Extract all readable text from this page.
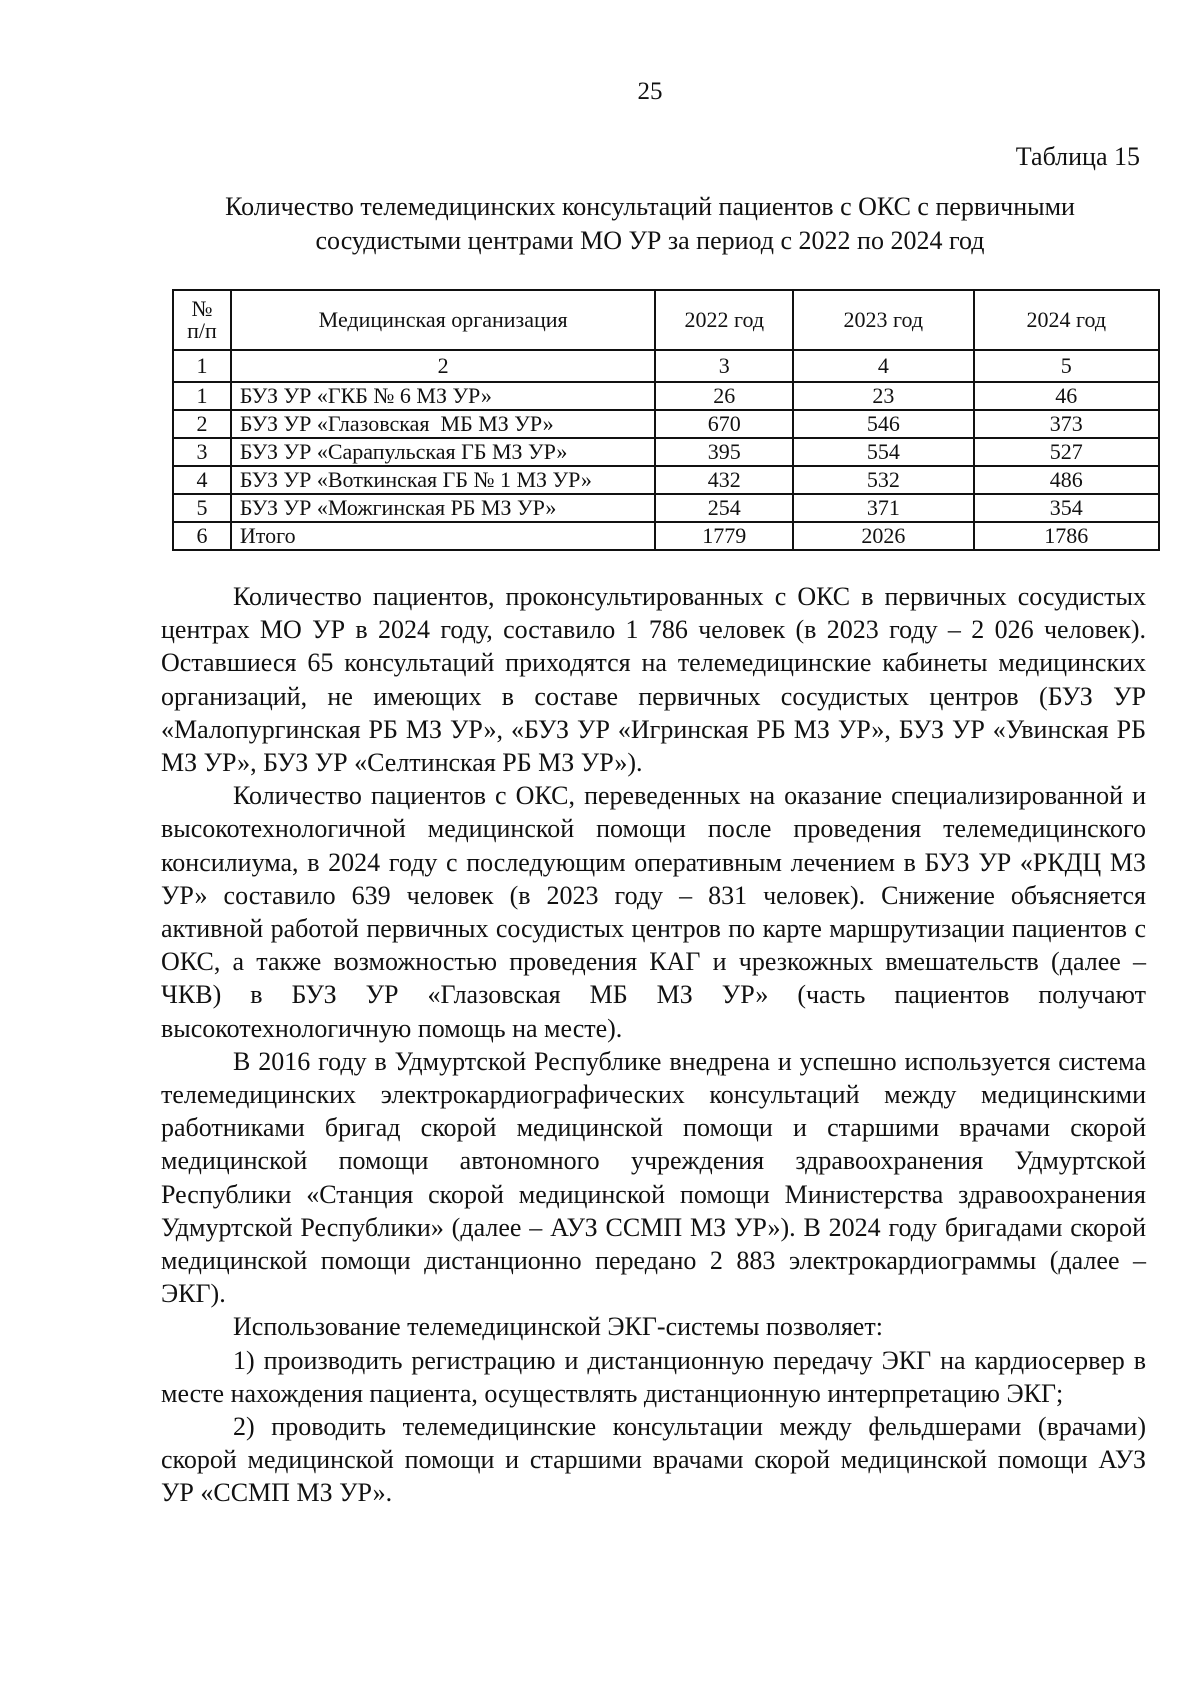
25
Таблица 15
Количество телемедицинских консультаций пациентов с ОКС с первичными
сосудистыми центрами МО УР за период с 2022 по 2024 год
№
п/п	Медицинская организация	2022 год	2023 год	2024 год
1	2	3	4	5
1	БУЗ УР «ГКБ № 6 МЗ УР»	26	23	46
2	БУЗ УР «Глазовская  МБ МЗ УР»	670	546	373
3	БУЗ УР «Сарапульская ГБ МЗ УР»	395	554	527
4	БУЗ УР «Воткинская ГБ № 1 МЗ УР»	432	532	486
5	БУЗ УР «Можгинская РБ МЗ УР»	254	371	354
6	Итого	1779	2026	1786

Количество пациентов, проконсультированных с ОКС в первичных сосудистых центрах МО УР в 2024 году, составило 1 786 человек (в 2023 году – 2 026 человек). Оставшиеся 65 консультаций приходятся на телемедицинские кабинеты медицинских организаций, не имеющих в составе первичных сосудистых центров (БУЗ УР «Малопургинская РБ МЗ УР», «БУЗ УР «Игринская РБ МЗ УР», БУЗ УР «Увинская РБ МЗ УР», БУЗ УР «Селтинская РБ МЗ УР»).

Количество пациентов с ОКС, переведенных на оказание специализированной и высокотехнологичной медицинской помощи после проведения телемедицинского консилиума, в 2024 году с последующим оперативным лечением в БУЗ УР «РКДЦ МЗ УР» составило 639 человек (в 2023 году – 831 человек). Снижение объясняется активной работой первичных сосудистых центров по карте маршрутизации пациентов с ОКС, а также возможностью проведения КАГ и чрезкожных вмешательств (далее – ЧКВ) в БУЗ УР «Глазовская МБ МЗ УР» (часть пациентов получают высокотехнологичную помощь на месте).

В 2016 году в Удмуртской Республике внедрена и успешно используется система телемедицинских электрокардиографических консультаций между медицинскими работниками бригад скорой медицинской помощи и старшими врачами скорой медицинской помощи автономного учреждения здравоохранения Удмуртской Республики «Станция скорой медицинской помощи Министерства здравоохранения Удмуртской Республики» (далее – АУЗ ССМП МЗ УР»). В 2024 году бригадами скорой медицинской помощи дистанционно передано 2 883 электрокардиограммы (далее – ЭКГ).

Использование телемедицинской ЭКГ-системы позволяет:

1) производить регистрацию и дистанционную передачу ЭКГ на кардиосервер в месте нахождения пациента, осуществлять дистанционную интерпретацию ЭКГ;

2) проводить телемедицинские консультации между фельдшерами (врачами) скорой медицинской помощи и старшими врачами скорой медицинской помощи АУЗ УР «ССМП МЗ УР».
